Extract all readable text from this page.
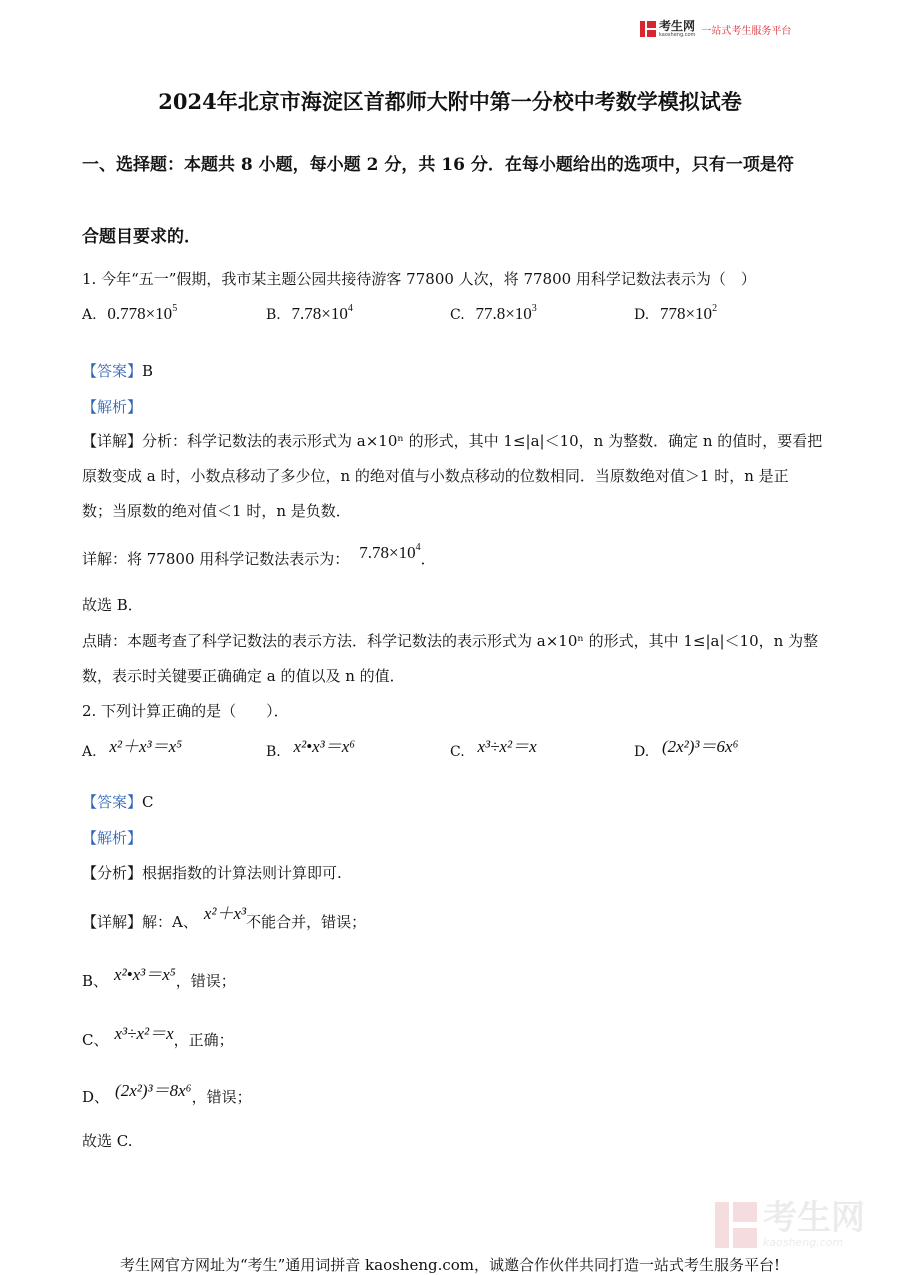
考生网
kaosheng.com 一站式考生服务平台
2024年北京市海淀区首都师大附中第一分校中考数学模拟试卷
一、选择题：本题共 8 小题，每小题 2 分，共 16 分．在每小题给出的选项中，只有一项是符
合题目要求的．
1. 今年“五一”假期，我市某主题公园共接待游客 77800 人次，将 77800 用科学记数法表示为（　）
A. $0.778\times 10^5$	B. $7.78\times 10^4$	C. $77.8\times 10^3$	D. $778\times 10^2$
【答案】B
【解析】
【详解】分析：科学记数法的表示形式为 a×10ⁿ 的形式，其中 1≤|a|＜10，n 为整数．确定 n 的值时，要看把
原数变成 a 时，小数点移动了多少位，n 的绝对值与小数点移动的位数相同．当原数绝对值＞1 时，n 是正
数；当原数的绝对值＜1 时，n 是负数．
详解：将 77800 用科学记数法表示为： $7.78\times 10^4$．
故选 B．
点睛：本题考查了科学记数法的表示方法．科学记数法的表示形式为 a×10ⁿ 的形式，其中 1≤|a|＜10，n 为整
数，表示时关键要正确确定 a 的值以及 n 的值．
2. 下列计算正确的是（　　）．
A. x²＋x³＝x⁵	B. x²•x³＝x⁶	C. x³÷x²＝x	D. (2x²)³＝6x⁶
【答案】C
【解析】
【分析】根据指数的计算法则计算即可.
【详解】解：A、 x²＋x³不能合并，错误；
B、 x²•x³＝x⁵，错误；
C、 x³÷x²＝x，正确；
D、 (2x²)³＝8x⁶，错误；
故选 C.
考生网
kaosheng.com
考生网官方网址为“考生”通用词拼音 kaosheng.com，诚邀合作伙伴共同打造一站式考生服务平台!
